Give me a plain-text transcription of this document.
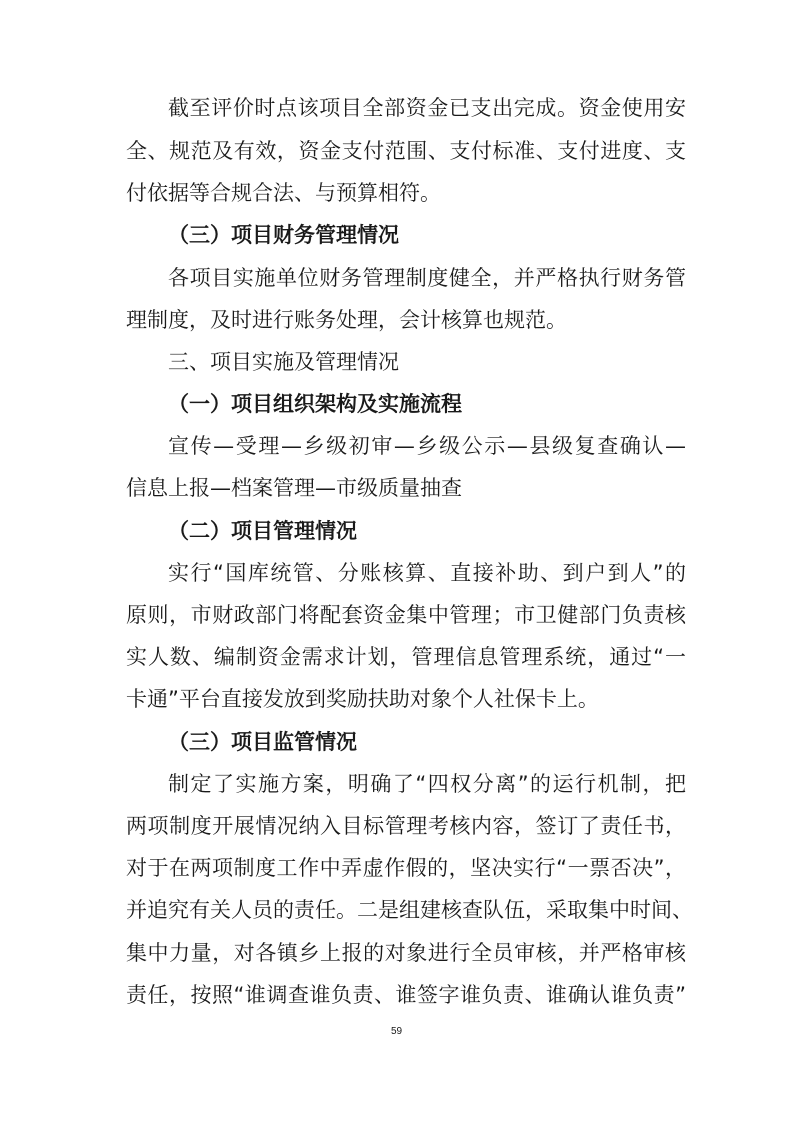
截至评价时点该项目全部资金已支出完成。资金使用安
全、规范及有效，资金支付范围、支付标准、支付进度、支
付依据等合规合法、与预算相符。
（三）项目财务管理情况
各项目实施单位财务管理制度健全，并严格执行财务管
理制度，及时进行账务处理，会计核算也规范。
三、项目实施及管理情况
（一）项目组织架构及实施流程
宣传—受理—乡级初审—乡级公示—县级复查确认—
信息上报—档案管理—市级质量抽查
（二）项目管理情况
实行“国库统管、分账核算、直接补助、到户到人”的
原则，市财政部门将配套资金集中管理；市卫健部门负责核
实人数、编制资金需求计划，管理信息管理系统，通过“一
卡通”平台直接发放到奖励扶助对象个人社保卡上。
（三）项目监管情况
制定了实施方案，明确了“四权分离”的运行机制，把
两项制度开展情况纳入目标管理考核内容，签订了责任书，
对于在两项制度工作中弄虚作假的，坚决实行“一票否决”，
并追究有关人员的责任。二是组建核查队伍，采取集中时间、
集中力量，对各镇乡上报的对象进行全员审核，并严格审核
责任，按照“谁调查谁负责、谁签字谁负责、谁确认谁负责”
59
